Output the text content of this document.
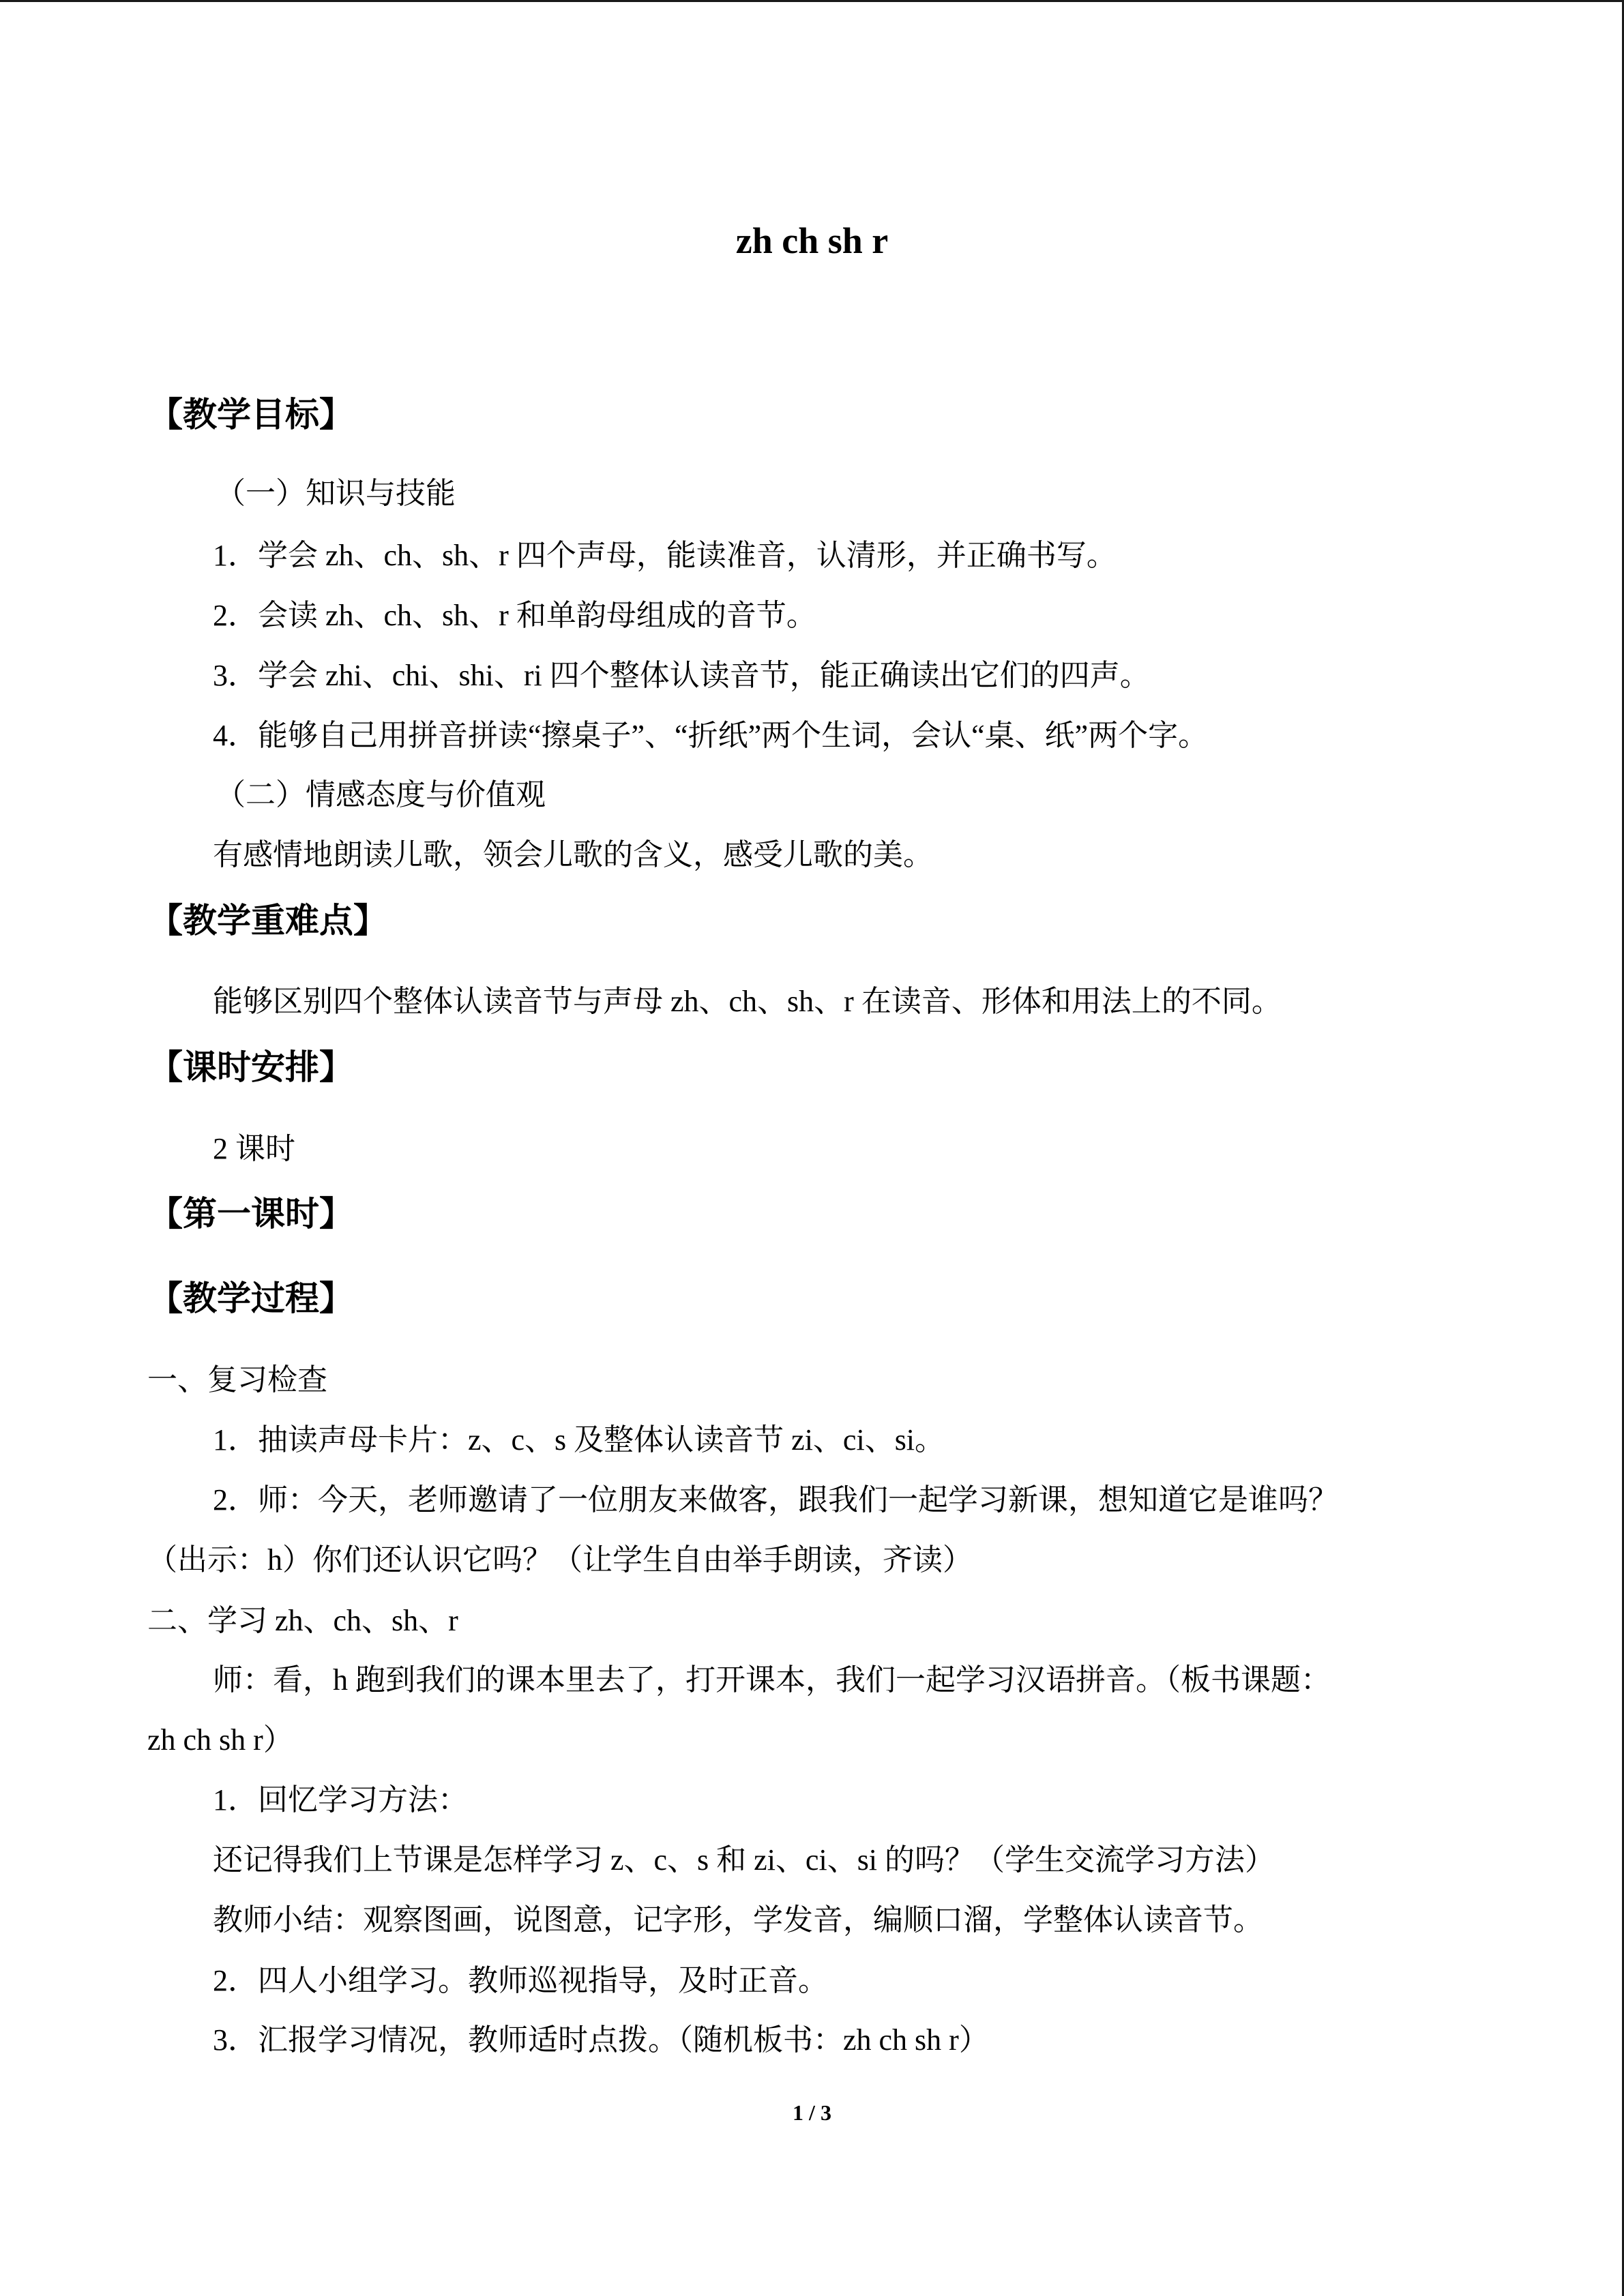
zh ch sh r
【教学目标】
（一）知识与技能
1．学会 zh、ch、sh、r 四个声母，能读准音，认清形，并正确书写。
2．会读 zh、ch、sh、r 和单韵母组成的音节。
3．学会 zhi、chi、shi、ri 四个整体认读音节，能正确读出它们的四声。
4．能够自己用拼音拼读“擦桌子”、“折纸”两个生词，会认“桌、纸”两个字。
（二）情感态度与价值观
有感情地朗读儿歌，领会儿歌的含义，感受儿歌的美。
【教学重难点】
能够区别四个整体认读音节与声母 zh、ch、sh、r 在读音、形体和用法上的不同。
【课时安排】
2 课时
【第一课时】
【教学过程】
一、复习检查
1．抽读声母卡片：z、c、s 及整体认读音节 zi、ci、si。
2．师：今天，老师邀请了一位朋友来做客，跟我们一起学习新课，想知道它是谁吗？
（出示：h）你们还认识它吗？（让学生自由举手朗读，齐读）
二、学习 zh、ch、sh、r
师：看，h 跑到我们的课本里去了，打开课本，我们一起学习汉语拼音。（板书课题：
zh ch sh r）
1．回忆学习方法：
还记得我们上节课是怎样学习 z、c、s 和 zi、ci、si 的吗？（学生交流学习方法）
教师小结：观察图画，说图意，记字形，学发音，编顺口溜，学整体认读音节。
2．四人小组学习。教师巡视指导，及时正音。
3．汇报学习情况，教师适时点拨。（随机板书：zh ch sh r）
1 / 3
